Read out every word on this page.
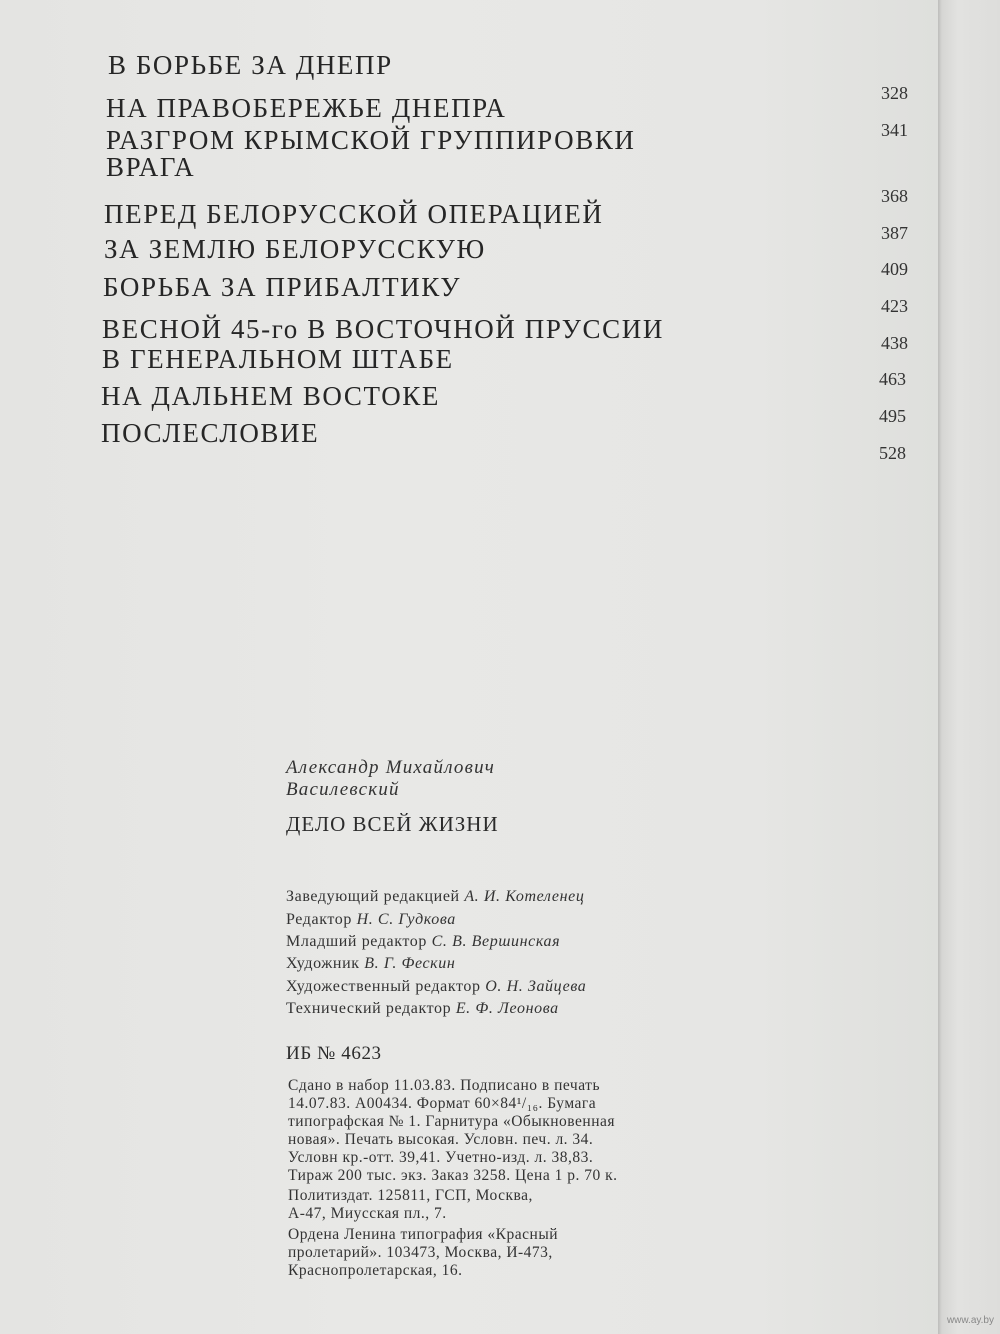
В БОРЬБЕ ЗА ДНЕПР
НА ПРАВОБЕРЕЖЬЕ ДНЕПРА
РАЗГРОМ КРЫМСКОЙ ГРУППИРОВКИ
ВРАГА
ПЕРЕД БЕЛОРУССКОЙ ОПЕРАЦИЕЙ
ЗА ЗЕМЛЮ БЕЛОРУССКУЮ
БОРЬБА ЗА ПРИБАЛТИКУ
ВЕСНОЙ 45-го В ВОСТОЧНОЙ ПРУССИИ
В ГЕНЕРАЛЬНОМ ШТАБЕ
НА ДАЛЬНЕМ ВОСТОКЕ
ПОСЛЕСЛОВИЕ
328
341
368
387
409
423
438
463
495
528
Александр Михайлович
Василевский
ДЕЛО ВСЕЙ ЖИЗНИ
Заведующий редакцией А. И. Котеленец
Редактор Н. С. Гудкова
Младший редактор С. В. Вершинская
Художник В. Г. Фескин
Художественный редактор О. Н. Зайцева
Технический редактор Е. Ф. Леонова
ИБ № 4623
Сдано в набор 11.03.83. Подписано в печать
14.07.83. А00434. Формат 60×84¹/₁₆. Бумага
типографская № 1. Гарнитура «Обыкновенная
новая». Печать высокая. Условн. печ. л. 34.
Условн кр.-отт. 39,41. Учетно-изд. л. 38,83.
Тираж 200 тыс. экз. Заказ 3258. Цена 1 р. 70 к.
Политиздат. 125811, ГСП, Москва,
А-47, Миусская пл., 7.
Ордена Ленина типография «Красный
пролетарий». 103473, Москва, И-473,
Краснопролетарская, 16.
www.ay.by
